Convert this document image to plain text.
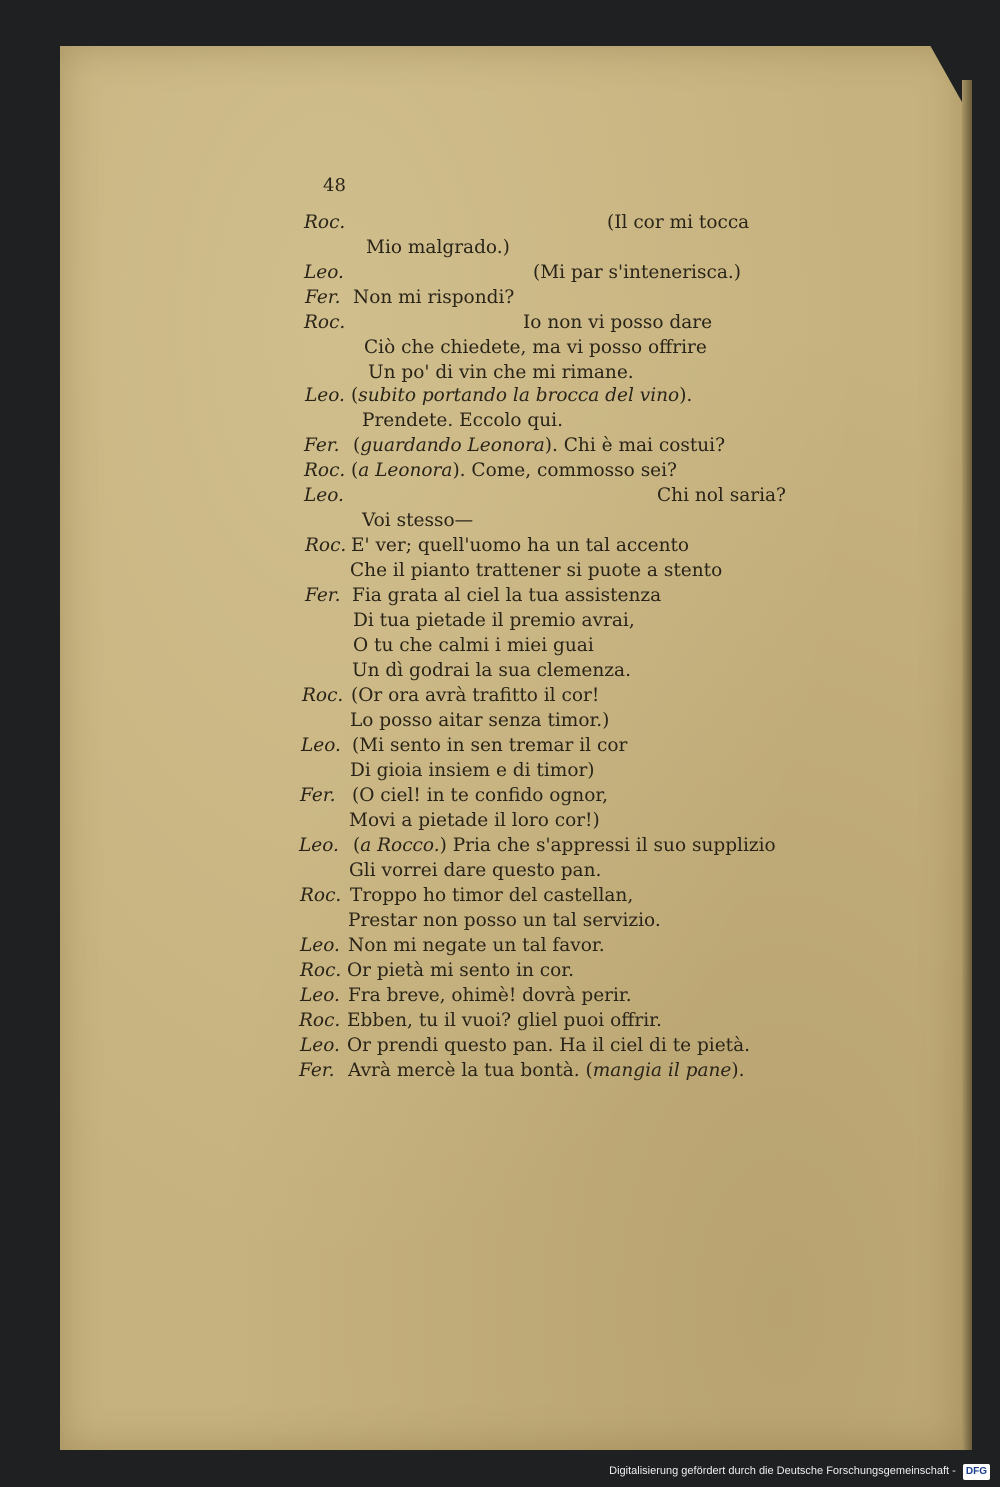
48
Roc.	(Il cor mi tocca
Mio malgrado.)
Leo.	(Mi par s'intenerisca.)
Fer. Non mi rispondi?
Roc.	Io non vi posso dare
Ciò che chiedete, ma vi posso offrire
Un po' di vin che mi rimane.
Leo. (subito portando la brocca del vino).
Prendete. Eccolo qui.
Fer. (guardando Leonora). Chi è mai costui?
Roc. (a Leonora). Come, commosso sei?
Leo.	Chi nol saria?
Voi stesso—
Roc. E' ver; quell'uomo ha un tal accento
Che il pianto trattener si puote a stento
Fer. Fia grata al ciel la tua assistenza
Di tua pietade il premio avrai,
O tu che calmi i miei guai
Un dì godrai la sua clemenza.
Roc. (Or ora avrà trafitto il cor!
Lo posso aitar senza timor.)
Leo. (Mi sento in sen tremar il cor
Di gioia insiem e di timor)
Fer. (O ciel! in te confido ognor,
Movi a pietade il loro cor!)
Leo. (a Rocco.) Pria che s'appressi il suo supplizio
Gli vorrei dare questo pan.
Roc. Troppo ho timor del castellan,
Prestar non posso un tal servizio.
Leo. Non mi negate un tal favor.
Roc. Or pietà mi sento in cor.
Leo. Fra breve, ohimè! dovrà perir.
Roc. Ebben, tu il vuoi? gliel puoi offrir.
Leo. Or prendi questo pan. Ha il ciel di te pietà.
Fer. Avrà mercè la tua bontà. (mangia il pane).
Digitalisierung gefördert durch die Deutsche Forschungsgemeinschaft - DFG
